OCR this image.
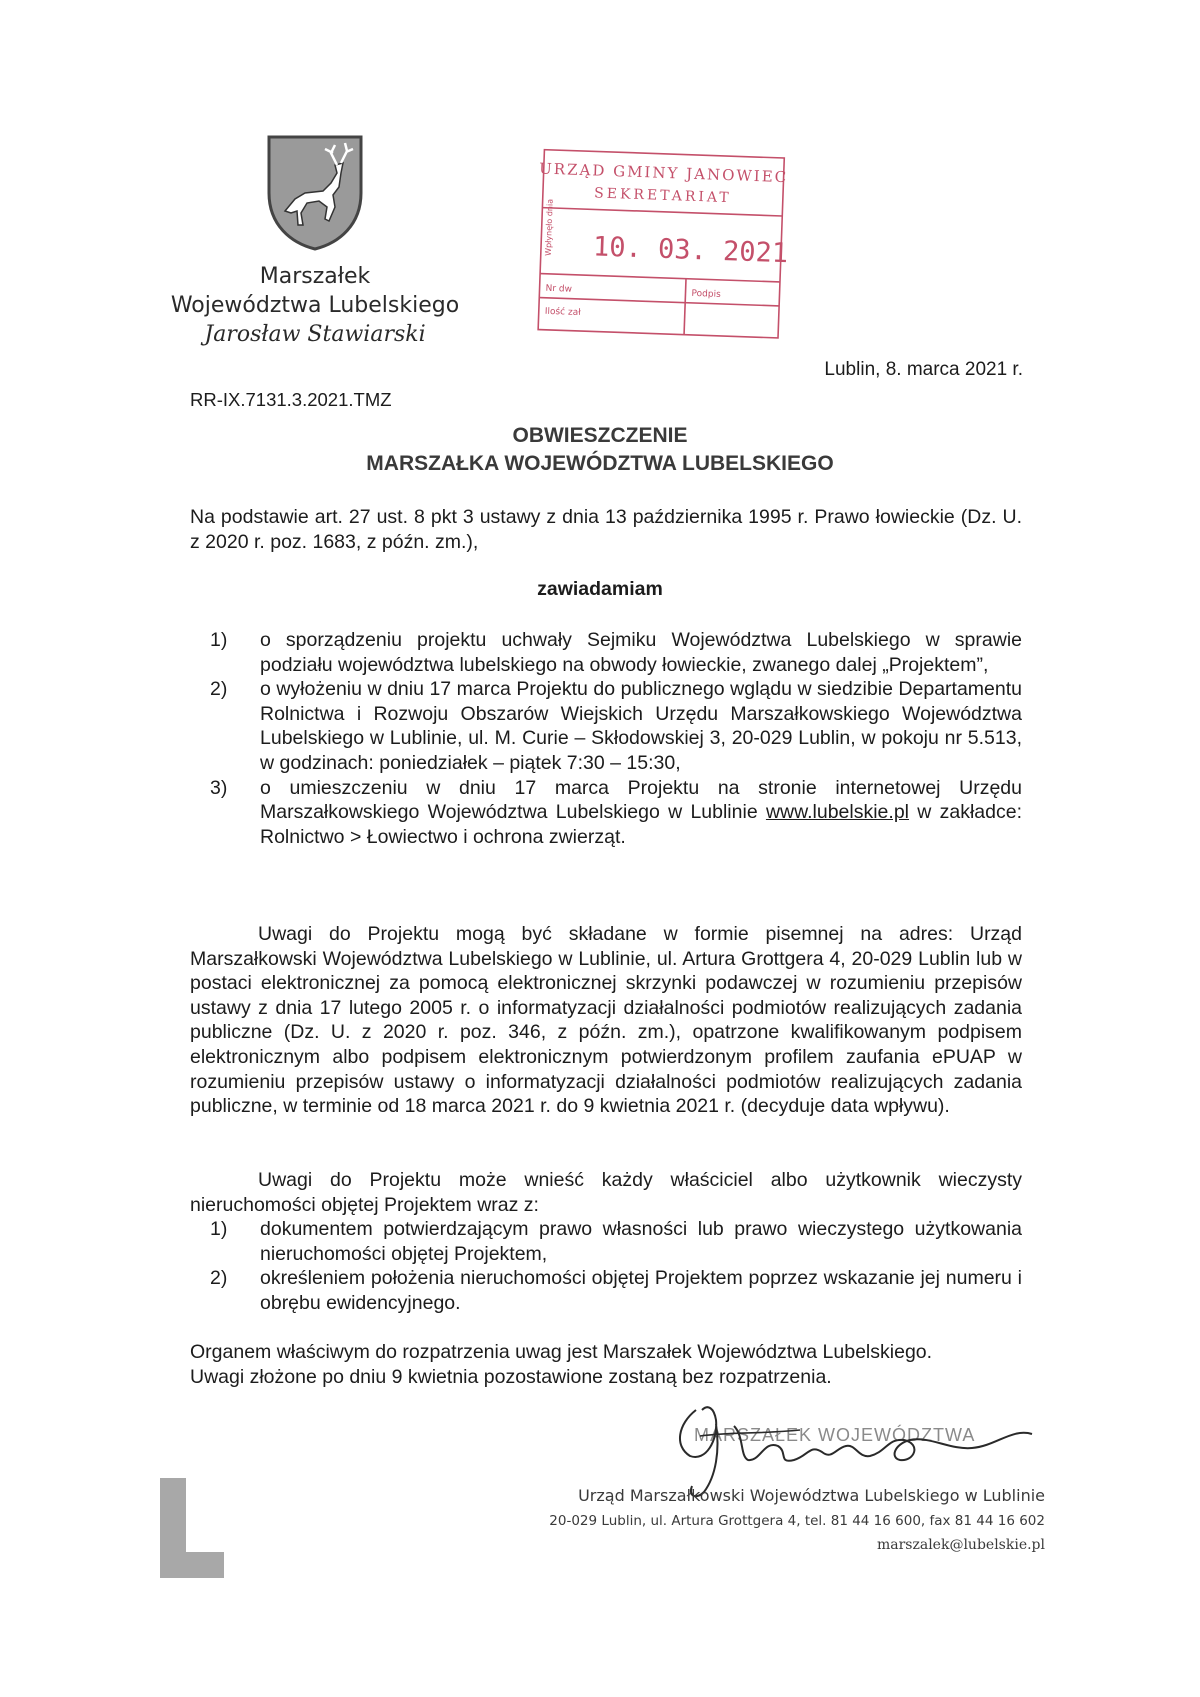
Marszałek
Województwa Lubelskiego
Jarosław Stawiarski
URZĄD GMINY JANOWIEC
SEKRETARIAT
Wpłynęło dnia 10. 03. 2021
Nr dw
Ilość zał
Podpis
Lublin, 8. marca 2021 r.
RR-IX.7131.3.2021.TMZ
OBWIESZCZENIE
MARSZAŁKA WOJEWÓDZTWA LUBELSKIEGO

Na podstawie art. 27 ust. 8 pkt 3 ustawy z dnia 13 października 1995 r. Prawo łowieckie (Dz. U. z 2020 r. poz. 1683, z późn. zm.),

zawiadamiam
1)	o sporządzeniu projektu uchwały Sejmiku Województwa Lubelskiego w sprawie podziału województwa lubelskiego na obwody łowieckie, zwanego dalej „Projektem”,
2)	o wyłożeniu w dniu 17 marca Projektu do publicznego wglądu w siedzibie Departamentu Rolnictwa i Rozwoju Obszarów Wiejskich Urzędu Marszałkowskiego Województwa Lubelskiego w Lublinie, ul. M. Curie – Skłodowskiej 3, 20-029 Lublin, w pokoju nr 5.513, w godzinach: poniedziałek – piątek 7:30 – 15:30,
3)	o umieszczeniu w dniu 17 marca Projektu na stronie internetowej Urzędu Marszałkowskiego Województwa Lubelskiego w Lublinie www.lubelskie.pl w zakładce: Rolnictwo > Łowiectwo i ochrona zwierząt.

Uwagi do Projektu mogą być składane w formie pisemnej na adres: Urząd Marszałkowski Województwa Lubelskiego w Lublinie, ul. Artura Grottgera 4, 20-029 Lublin lub w postaci elektronicznej za pomocą elektronicznej skrzynki podawczej w rozumieniu przepisów ustawy z dnia 17 lutego 2005 r. o informatyzacji działalności podmiotów realizujących zadania publiczne (Dz. U. z 2020 r. poz. 346, z późn. zm.), opatrzone kwalifikowanym podpisem elektronicznym albo podpisem elektronicznym potwierdzonym profilem zaufania ePUAP w rozumieniu przepisów ustawy o informatyzacji działalności podmiotów realizujących zadania publiczne, w terminie od 18 marca 2021 r. do 9 kwietnia 2021 r. (decyduje data wpływu).

Uwagi do Projektu może wnieść każdy właściciel albo użytkownik wieczysty nieruchomości objętej Projektem wraz z:

1)	dokumentem potwierdzającym prawo własności lub prawo wieczystego użytkowania nieruchomości objętej Projektem,
2)	określeniem położenia nieruchomości objętej Projektem poprzez wskazanie jej numeru i obrębu ewidencyjnego.
Organem właściwym do rozpatrzenia uwag jest Marszałek Województwa Lubelskiego.
Uwagi złożone po dniu 9 kwietnia pozostawione zostaną bez rozpatrzenia.
MARSZAŁEK WOJEWÓDZTWA
Urząd Marszałkowski Województwa Lubelskiego w Lublinie
20-029 Lublin, ul. Artura Grottgera 4, tel. 81 44 16 600, fax 81 44 16 602
marszalek@lubelskie.pl
